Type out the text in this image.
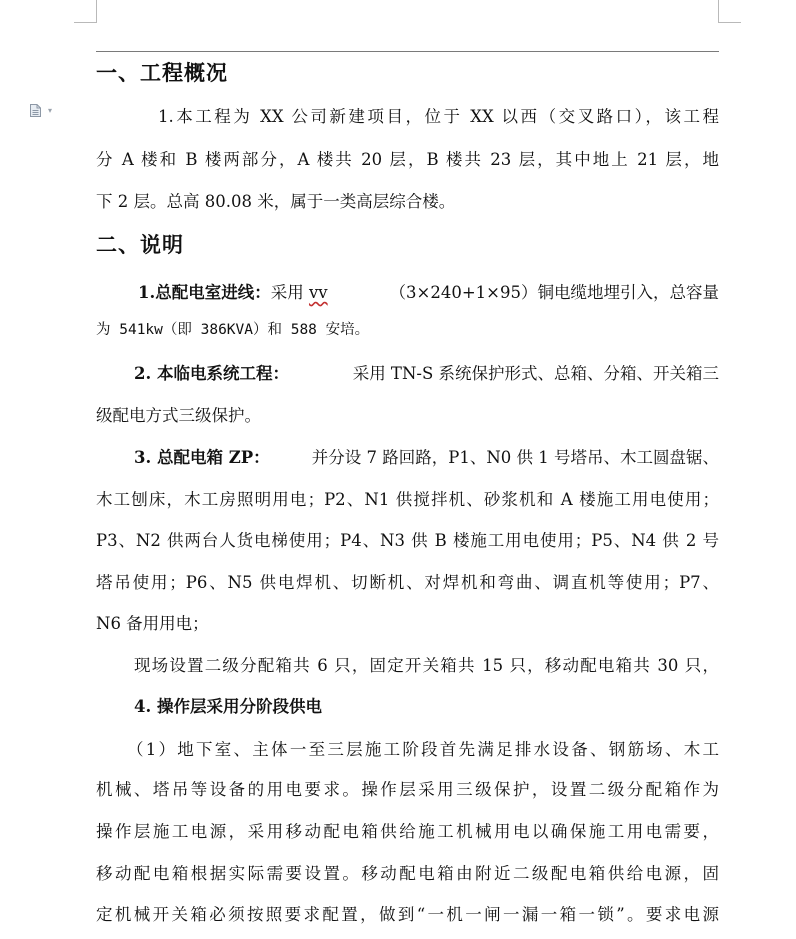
▾
一、工程概况

1.本工程为 XX 公司新建项目，位于 XX 以西（交叉路口），该工程

分 A 楼和 B 楼两部分，A 楼共 20 层，B 楼共 23 层，其中地上 21 层，地

下 2 层。总高 80.08 米，属于一类高层综合楼。

二、说明

1.总配电室进线：采用 vv	（3×240+1×95）铜电缆地埋引入，总容量

为 541kw（即 386KVA）和 588 安培。

2. 本临电系统工程：	采用 TN-S 系统保护形式、总箱、分箱、开关箱三

级配电方式三级保护。

3. 总配电箱 ZP：	并分设 7 路回路，P1、N0 供 1 号塔吊、木工圆盘锯、

木工刨床，木工房照明用电；P2、N1 供搅拌机、砂浆机和 A 楼施工用电使用；

P3、N2 供两台人货电梯使用；P4、N3 供 B 楼施工用电使用；P5、N4 供 2 号

塔吊使用；P6、N5 供电焊机、切断机、对焊机和弯曲、调直机等使用；P7、

N6 备用用电；

现场设置二级分配箱共 6 只，固定开关箱共 15 只，移动配电箱共 30 只，

4. 操作层采用分阶段供电

（1）地下室、主体一至三层施工阶段首先满足排水设备、钢筋场、木工

机械、塔吊等设备的用电要求。操作层采用三级保护，设置二级分配箱作为

操作层施工电源，采用移动配电箱供给施工机械用电以确保施工用电需要，

移动配电箱根据实际需要设置。移动配电箱由附近二级配电箱供给电源，固

定机械开关箱必须按照要求配置，做到“一机一闸一漏一箱一锁”。要求电源
